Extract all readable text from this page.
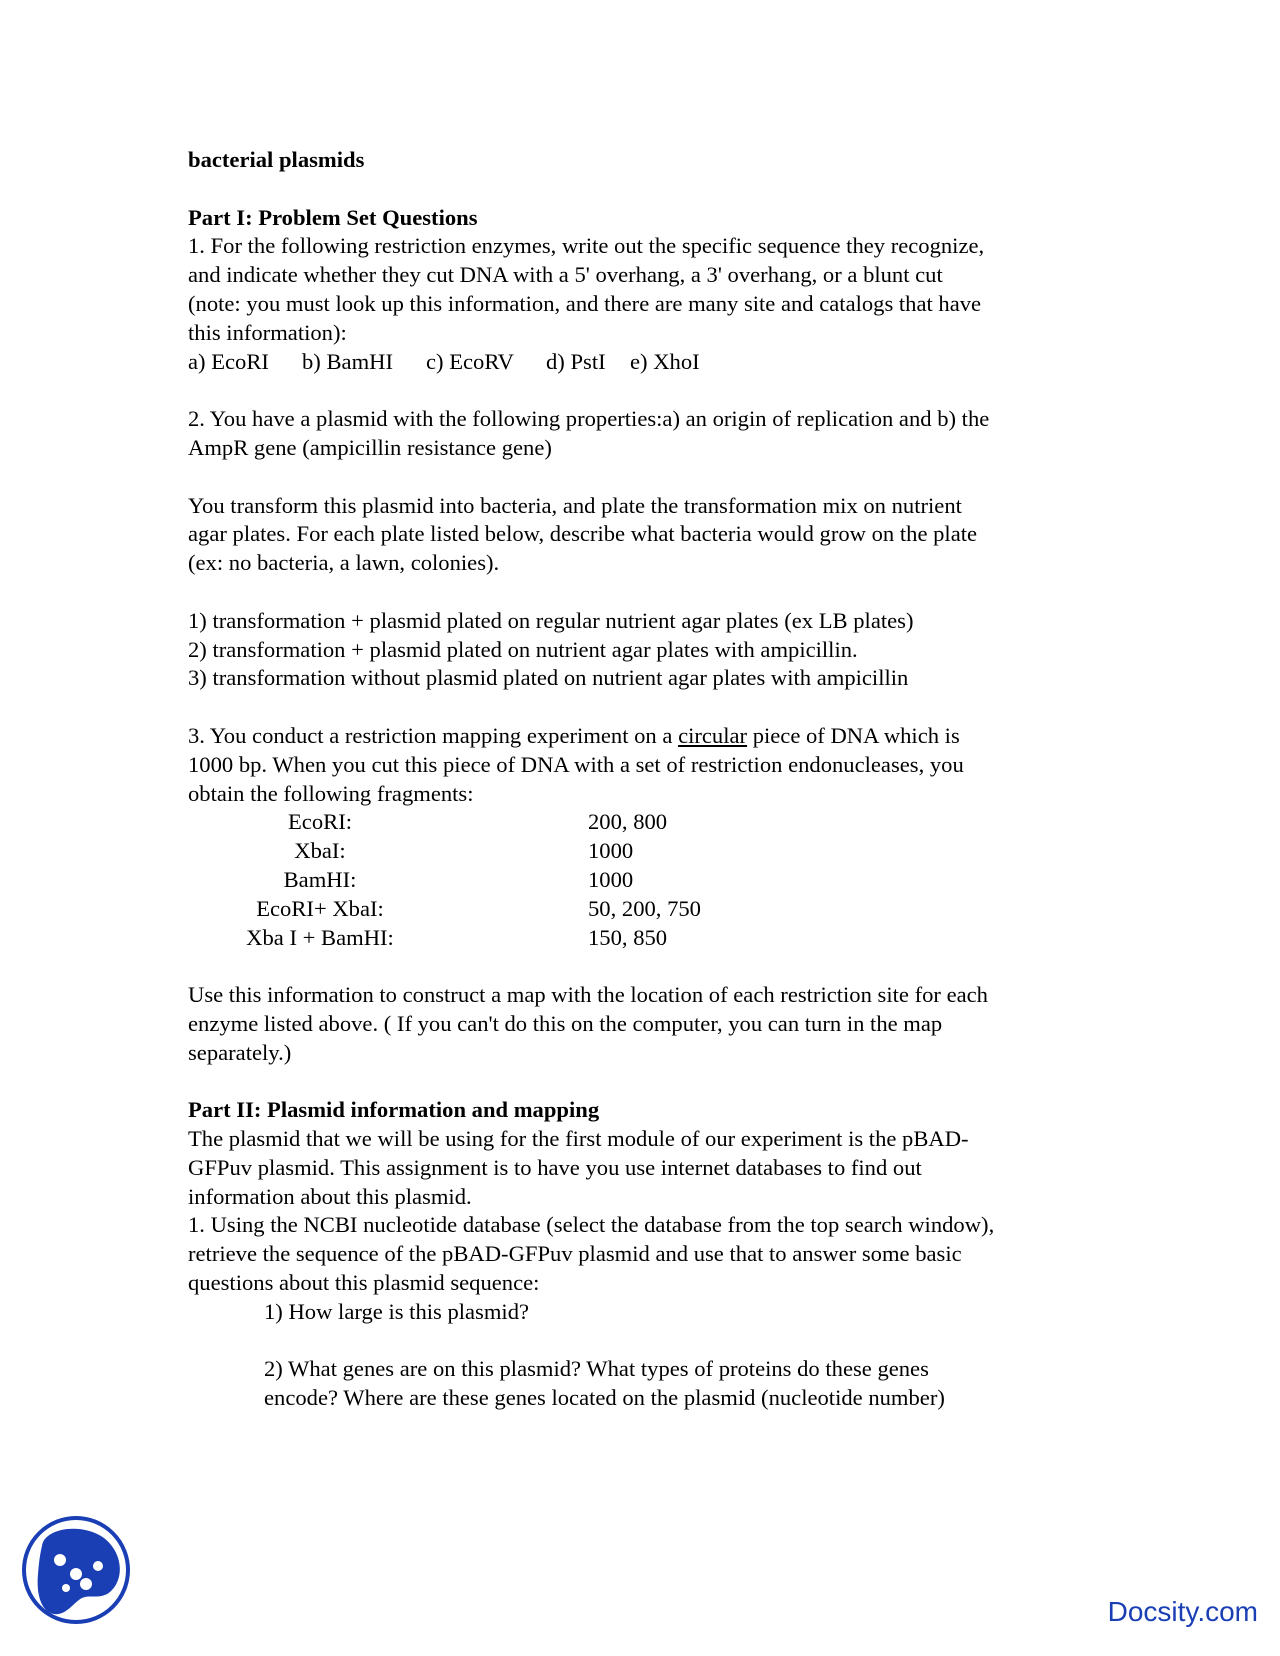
bacterial plasmids

Part I: Problem Set Questions

1. For the following restriction enzymes, write out the specific sequence they recognize,
and indicate whether they cut DNA with a 5' overhang, a 3' overhang, or a blunt cut
(note: you must look up this information, and there are many site and catalogs that have
this information):
a) EcoRI b) BamHI c) EcoRV d) PstI e) XhoI
2. You have a plasmid with the following properties:a) an origin of replication and b) the
AmpR gene (ampicillin resistance gene)
You transform this plasmid into bacteria, and plate the transformation mix on nutrient
agar plates. For each plate listed below, describe what bacteria would grow on the plate
(ex: no bacteria, a lawn, colonies).
1) transformation + plasmid plated on regular nutrient agar plates (ex LB plates)
2) transformation + plasmid plated on nutrient agar plates with ampicillin.
3) transformation without plasmid plated on nutrient agar plates with ampicillin
3. You conduct a restriction mapping experiment on a circular piece of DNA which is
1000 bp. When you cut this piece of DNA with a set of restriction endonucleases, you
obtain the following fragments:
EcoRI:	200, 800
XbaI:	1000
BamHI:	1000
EcoRI+ XbaI:	50, 200, 750
Xba I + BamHI:	150, 850
Use this information to construct a map with the location of each restriction site for each
enzyme listed above. ( If you can't do this on the computer, you can turn in the map
separately.)

Part II: Plasmid information and mapping

The plasmid that we will be using for the first module of our experiment is the pBAD-
GFPuv plasmid. This assignment is to have you use internet databases to find out
information about this plasmid.
1. Using the NCBI nucleotide database (select the database from the top search window),
retrieve the sequence of the pBAD-GFPuv plasmid and use that to answer some basic
questions about this plasmid sequence:
1) How large is this plasmid?
2) What genes are on this plasmid? What types of proteins do these genes
encode? Where are these genes located on the plasmid (nucleotide number)
Docsity.com
